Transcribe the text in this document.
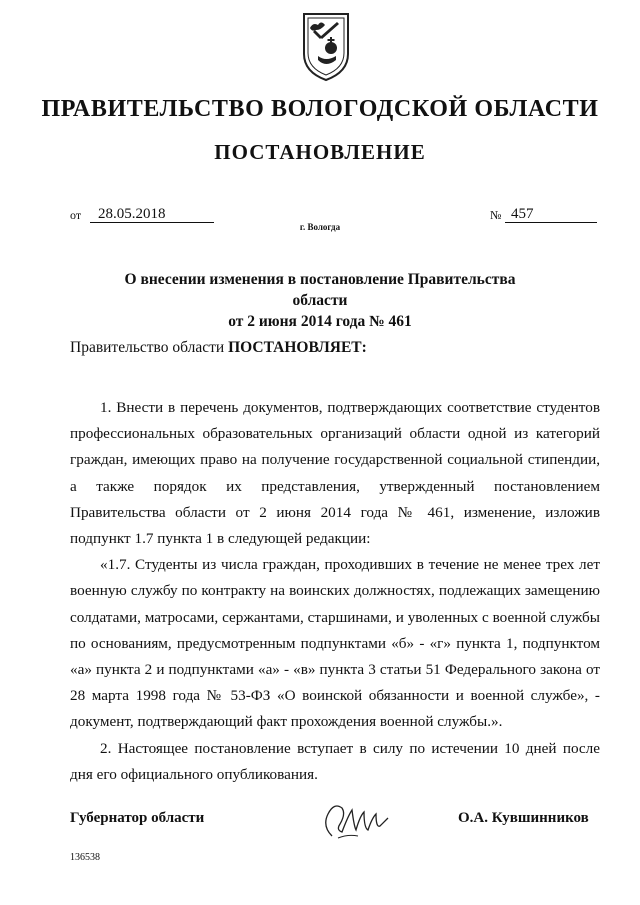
ПРАВИТЕЛЬСТВО ВОЛОГОДСКОЙ ОБЛАСТИ
ПОСТАНОВЛЕНИЕ
от	28.05.2018	№ 457
г. Вологда
О внесении изменения в постановление Правительства области
от 2 июня 2014 года № 461
Правительство области ПОСТАНОВЛЯЕТ:

1. Внести в перечень документов, подтверждающих соответствие студентов профессиональных образовательных организаций области одной из категорий граждан, имеющих право на получение государственной социальной стипендии, а также порядок их представления, утвержденный постановлением Правительства области от 2 июня 2014 года № 461, изменение, изложив подпункт 1.7 пункта 1 в следующей редакции:

«1.7. Студенты из числа граждан, проходивших в течение не менее трех лет военную службу по контракту на воинских должностях, подлежащих замещению солдатами, матросами, сержантами, старшинами, и уволенных с военной службы по основаниям, предусмотренным подпунктами «б» - «г» пункта 1, подпунктом «а» пункта 2 и подпунктами «а» - «в» пункта 3 статьи 51 Федерального закона от 28 марта 1998 года № 53-ФЗ «О воинской обязанности и военной службе», - документ, подтверждающий факт прохождения военной службы.».

2. Настоящее постановление вступает в силу по истечении 10 дней после дня его официального опубликования.

Губернатор области	О.А. Кувшинников
136538
